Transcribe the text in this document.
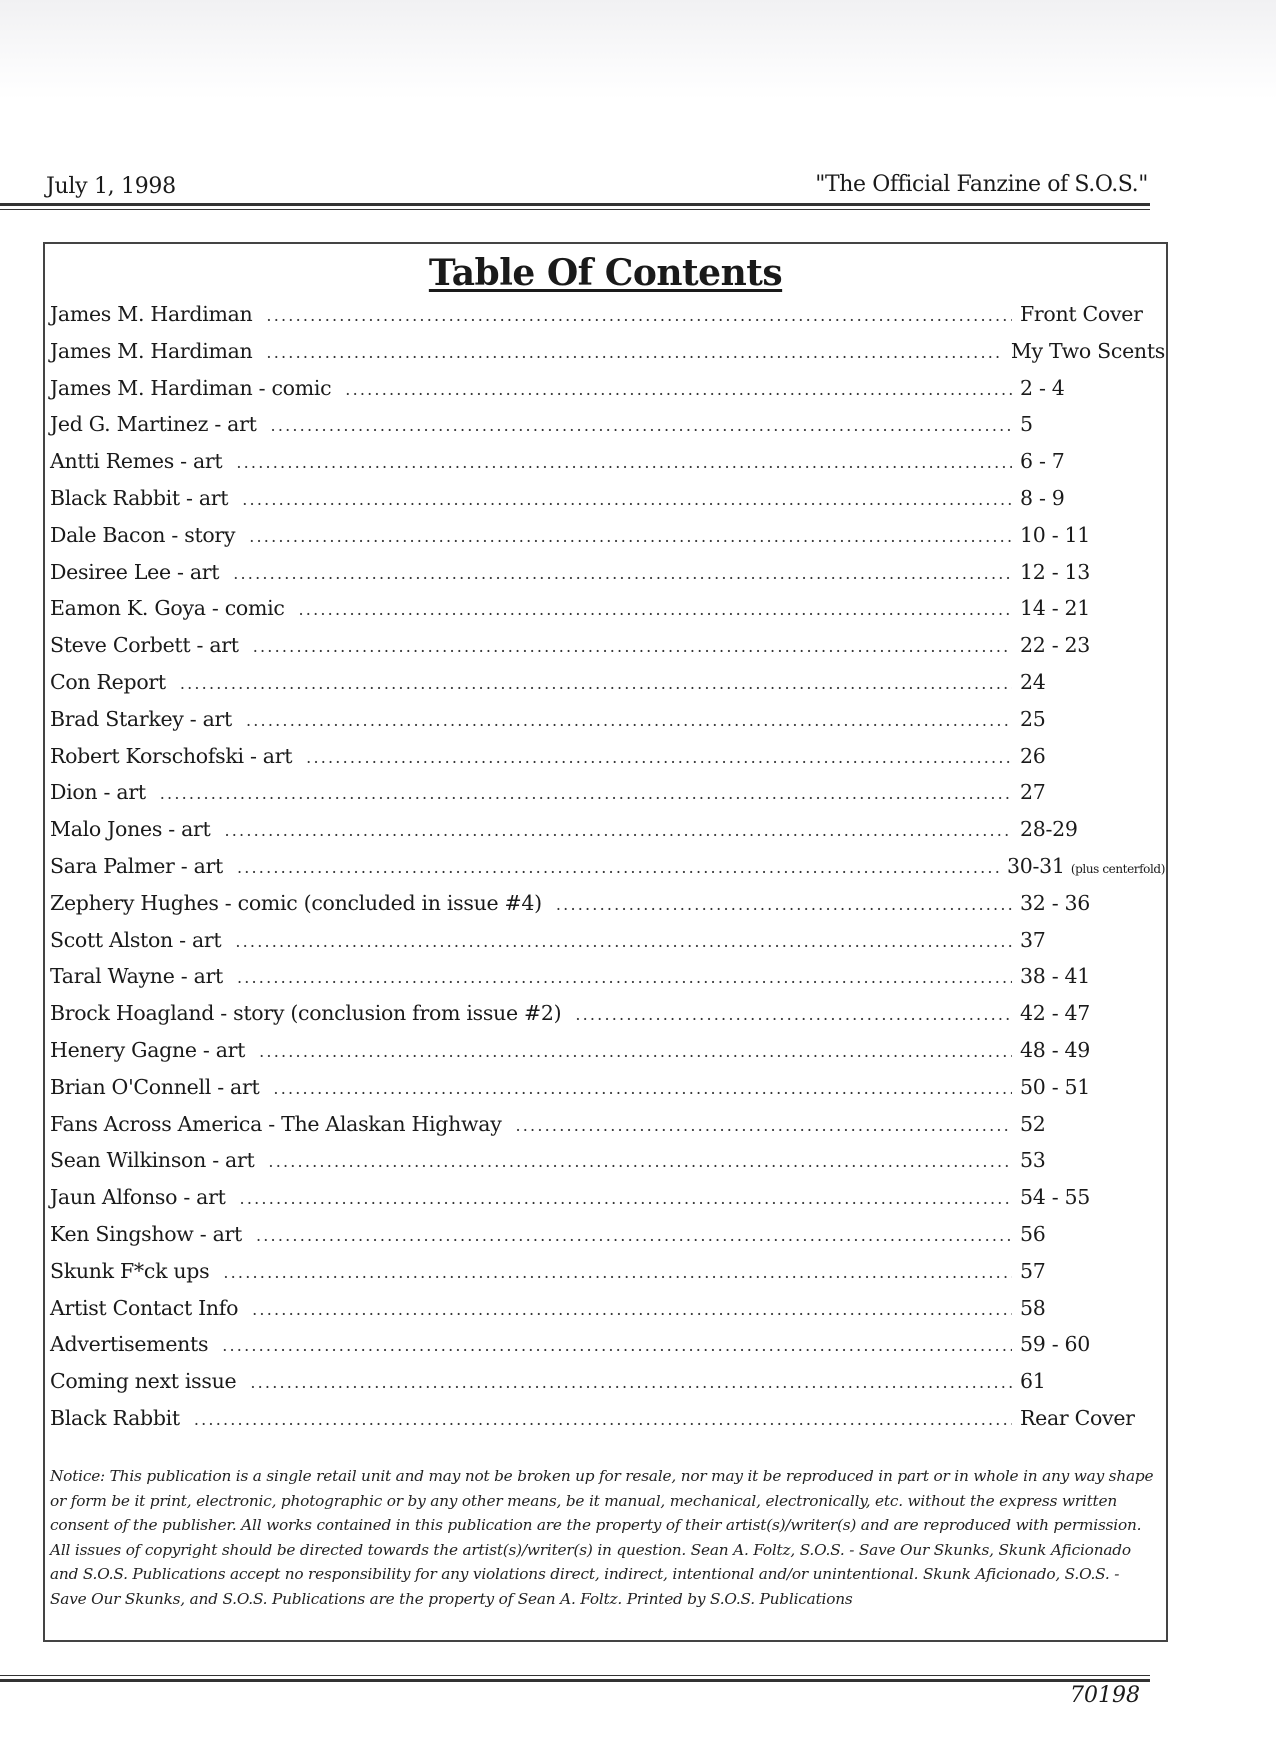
July 1, 1998	"The Official Fanzine of S.O.S."
Table Of Contents
James M. Hardiman .....	Front Cover
James M. Hardiman .....	My Two Scents
James M. Hardiman - comic .....	2 - 4
Jed G. Martinez - art .....	5
Antti Remes - art .....	6 - 7
Black Rabbit - art .....	8 - 9
Dale Bacon - story .....	10 - 11
Desiree Lee - art .....	12 - 13
Eamon K. Goya - comic .....	14 - 21
Steve Corbett - art .....	22 - 23
Con Report .....	24
Brad Starkey - art .....	25
Robert Korschofski - art .....	26
Dion - art .....	27
Malo Jones - art .....	28-29
Sara Palmer - art .....	30-31 (plus centerfold)
Zephery Hughes - comic (concluded in issue #4) .....	32 - 36
Scott Alston - art .....	37
Taral Wayne - art .....	38 - 41
Brock Hoagland - story (conclusion from issue #2) .....	42 - 47
Henery Gagne - art .....	48 - 49
Brian O'Connell - art .....	50 - 51
Fans Across America - The Alaskan Highway .....	52
Sean Wilkinson - art .....	53
Jaun Alfonso - art .....	54 - 55
Ken Singshow - art .....	56
Skunk F*ck ups .....	57
Artist Contact Info .....	58
Advertisements .....	59 - 60
Coming next issue .....	61
Black Rabbit .....	Rear Cover
Notice: This publication is a single retail unit and may not be broken up for resale, nor may it be reproduced in part or in whole in any way shape or form be it print, electronic, photographic or by any other means, be it manual, mechanical, electronically, etc. without the express written consent of the publisher. All works contained in this publication are the property of their artist(s)/writer(s) and are reproduced with permission. All issues of copyright should be directed towards the artist(s)/writer(s) in question. Sean A. Foltz, S.O.S. - Save Our Skunks, Skunk Aficionado and S.O.S. Publications accept no responsibility for any violations direct, indirect, intentional and/or unintentional. Skunk Aficionado, S.O.S. - Save Our Skunks, and S.O.S. Publications are the property of Sean A. Foltz. Printed by S.O.S. Publications
70198
